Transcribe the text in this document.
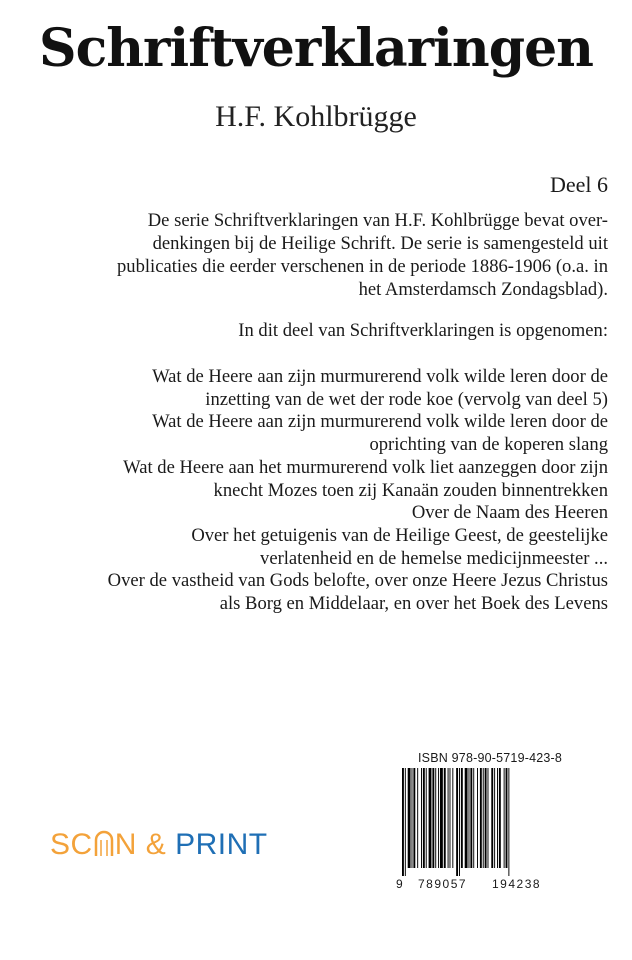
Schriftverklaringen
H.F. Kohlbrügge
Deel 6

De serie Schriftverklaringen van H.F. Kohlbrügge bevat over-

denkingen bij de Heilige Schrift. De serie is samengesteld uit

publicaties die eerder verschenen in de periode 1886-1906 (o.a. in

het Amsterdamsch Zondagsblad).

In dit deel van Schriftverklaringen is opgenomen:
Wat de Heere aan zijn murmurerend volk wilde leren door de
inzetting van de wet der rode koe (vervolg van deel 5)
Wat de Heere aan zijn murmurerend volk wilde leren door de
oprichting van de koperen slang
Wat de Heere aan het murmurerend volk liet aanzeggen door zijn
knecht Mozes toen zij Kanaän zouden binnentrekken
Over de Naam des Heeren
Over het getuigenis van de Heilige Geest, de geestelijke
verlatenheid en de hemelse medicijnmeester ...
Over de vastheid van Gods belofte, over onze Heere Jezus Christus
als Borg en Middelaar, en over het Boek des Levens
SC N & PRINT
ISBN 978-90-5719-423-8
9 789057 194238
